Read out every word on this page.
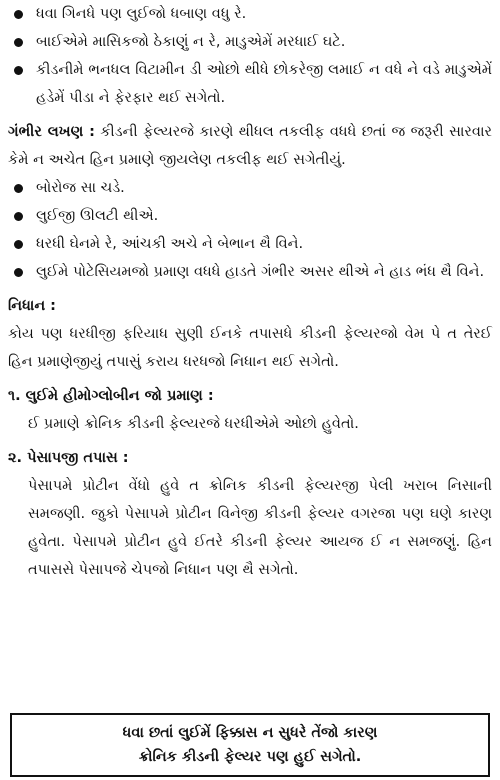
ધવા ગિનધે પણ લુઈજો ધબાણ વધુ રે.
બાઈએમે માસિકજો ઠેકાણું ન રે, માડુએમેં મરધાઈ ઘટે.
કીડનીમે ભનધલ વિટામીન ડી ઓછો થીધે છોકરેજી લમાઈ ન વધે ને વડે માડુએમેં હડેમેં પીડા ને ફેરફાર થઈ સગેતો.

ગંભીર લખણ : કીડની ફેલ્યરજે કારણે થીધલ તકલીફ વધધે છતાં જ જરૂરી સારવાર કેમે ન અચેત હિન પ્રમાણે જીયલેણ તકલીફ થઈ સગેતીયું.

બોરોજ સા ચડે.
લુઈજી ઊલટી થીએ.
ધરધી ઘેનમે રે, આંચકી અચે ને બેભાન થૈ વિને.
લુઈમે પોટેસિયમજો પ્રમાણ વધધે હાડતે ગંભીર અસર થીએ ને હાડ ભંધ થૈ વિને.

નિધાન :

કોય પણ ધરધીજી ફરિયાધ સુણી ઈનકે તપાસધે કીડની ફેલ્યરજો વેમ પે ત તેરઈ હિન પ્રમાણેજીયું તપાસું કરાય ધરધજો નિધાન થઈ સગેતો.

૧. લુઈમે હીમોગ્લોબીન જો પ્રમાણ :

ઈ પ્રમાણે ક્રોનિક કીડની ફેલ્યરજે ધરધીએમે ઓછો હુવેતો.

૨. પેસાપજી તપાસ :

પેસાપમે પ્રોટીન વેંધો હુવે ત ક્રોનિક કીડની ફેલ્યરજી પેલી ખરાબ નિસાની સમજણી. જુકો પેસાપમે પ્રોટીન વિનેજી કીડની ફેલ્યર વગરજા પણ ઘણે કારણ હુવેતા. પેસાપમે પ્રોટીન હુવે ઈતરે કીડની ફેલ્યર આયજ ઈ ન સમજણું. હિન તપાસસે પેસાપજે ચેપજો નિધાન પણ થૈ સગેતો.

ધવા છતાં લુઈમેં ફિક્કાસ ન સુધરે તેંજો કારણ
ક્રોનિક કીડની ફેલ્યર પણ હુઈ સગેતો.
